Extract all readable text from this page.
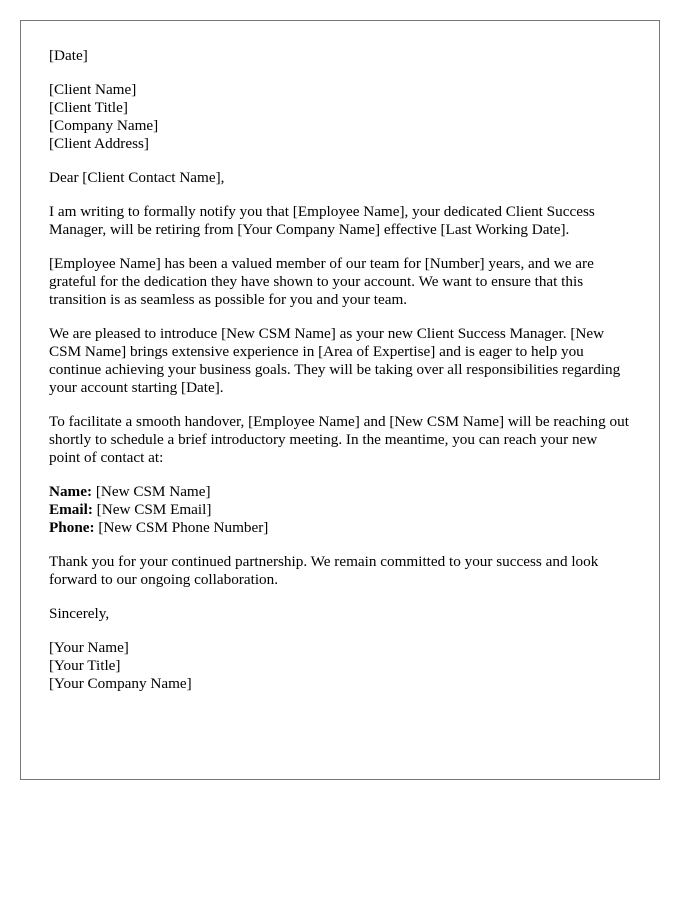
[Date]

[Client Name]
[Client Title]
[Company Name]
[Client Address]

Dear [Client Contact Name],

I am writing to formally notify you that [Employee Name], your dedicated Client Success Manager, will be retiring from [Your Company Name] effective [Last Working Date].

[Employee Name] has been a valued member of our team for [Number] years, and we are grateful for the dedication they have shown to your account. We want to ensure that this transition is as seamless as possible for you and your team.

We are pleased to introduce [New CSM Name] as your new Client Success Manager. [New CSM Name] brings extensive experience in [Area of Expertise] and is eager to help you continue achieving your business goals. They will be taking over all responsibilities regarding your account starting [Date].

To facilitate a smooth handover, [Employee Name] and [New CSM Name] will be reaching out shortly to schedule a brief introductory meeting. In the meantime, you can reach your new point of contact at:

Name: [New CSM Name]
Email: [New CSM Email]
Phone: [New CSM Phone Number]

Thank you for your continued partnership. We remain committed to your success and look forward to our ongoing collaboration.

Sincerely,

[Your Name]
[Your Title]
[Your Company Name]
